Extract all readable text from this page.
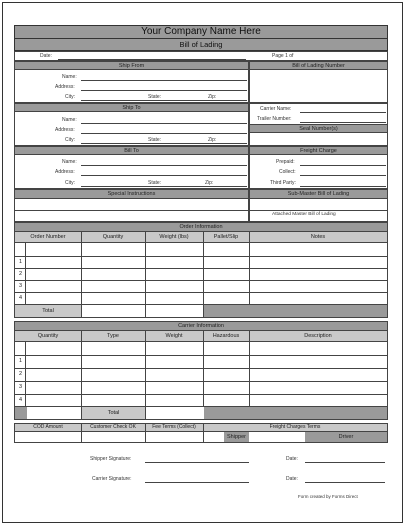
Your Company Name Here
Bill of Lading
Date:	Page 1 of
Ship From
Name:
Address:
City:	State:	Zip:
Bill of Lading Number
Ship To
Name:
Address:
City:	State:	Zip:
Carrier Name:
Trailer Number:
Seal Number(s)
Bill To
Name:
Address:
City:	State:	Zip:
Freight Charge
Prepaid:
Collect:
Third Party:
Special Instructions	Sub-Master Bill of Lading
Attached Master Bill of Lading
Order Information
Order Number	Quantity	Weight (lbs)	Pallet/Slip	Notes
1
2
3
4
Total
Carrier Information
Quantity	Type	Weight	Hazardous	Description
1
2
3
4
Total
COD Amount	Customer Check OK	Fee Terms (Collect)	Freight Charges Terms
Shipper	Driver
Shipper Signature:	Date:
Carrier Signature:	Date:
Form created by Forms Direct
